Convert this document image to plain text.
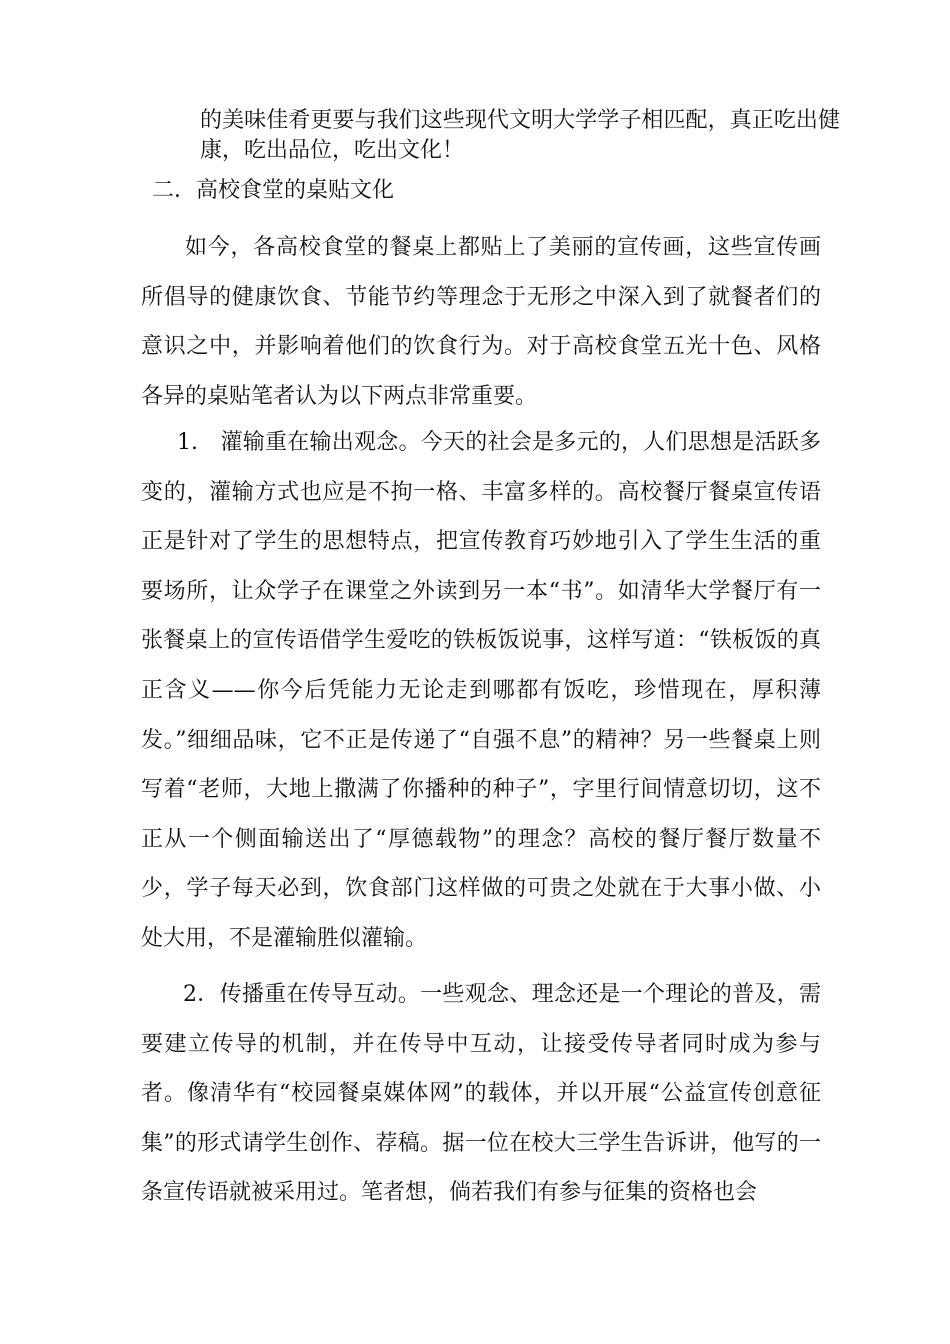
的美味佳肴更要与我们这些现代文明大学学子相匹配，真正吃出健康，吃出品位，吃出文化！

二．高校食堂的桌贴文化

如今，各高校食堂的餐桌上都贴上了美丽的宣传画，这些宣传画所倡导的健康饮食、节能节约等理念于无形之中深入到了就餐者们的意识之中，并影响着他们的饮食行为。对于高校食堂五光十色、风格各异的桌贴笔者认为以下两点非常重要。

1.　灌输重在输出观念。今天的社会是多元的，人们思想是活跃多变的，灌输方式也应是不拘一格、丰富多样的。高校餐厅餐桌宣传语正是针对了学生的思想特点，把宣传教育巧妙地引入了学生生活的重要场所，让众学子在课堂之外读到另一本“书”。如清华大学餐厅有一张餐桌上的宣传语借学生爱吃的铁板饭说事，这样写道：“铁板饭的真正含义——你今后凭能力无论走到哪都有饭吃，珍惜现在，厚积薄发。”细细品味，它不正是传递了“自强不息”的精神？另一些餐桌上则写着“老师，大地上撒满了你播种的种子”，字里行间情意切切，这不正从一个侧面输送出了“厚德载物”的理念？高校的餐厅餐厅数量不少，学子每天必到，饮食部门这样做的可贵之处就在于大事小做、小处大用，不是灌输胜似灌输。

2．传播重在传导互动。一些观念、理念还是一个理论的普及，需要建立传导的机制，并在传导中互动，让接受传导者同时成为参与者。像清华有“校园餐桌媒体网”的载体，并以开展“公益宣传创意征集”的形式请学生创作、荐稿。据一位在校大三学生告诉讲，他写的一条宣传语就被采用过。笔者想，倘若我们有参与征集的资格也会
